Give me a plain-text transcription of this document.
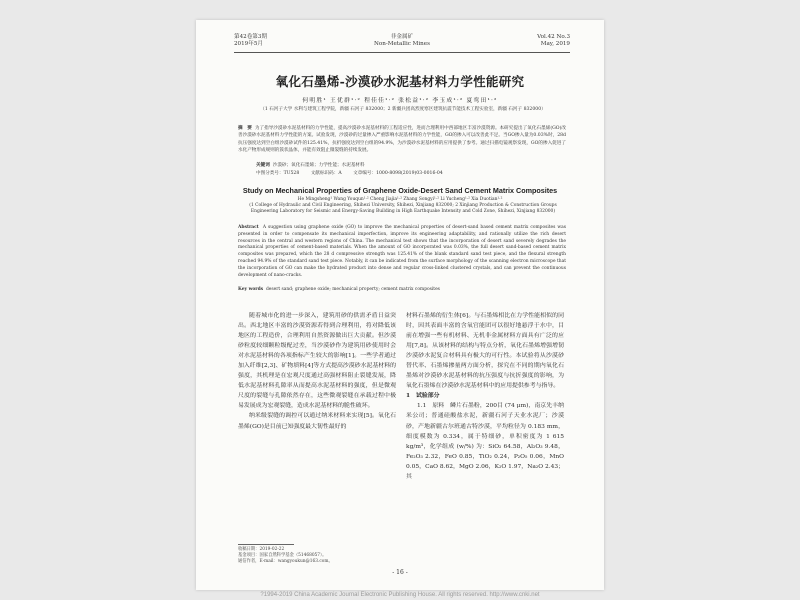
第42卷第3期
2019年5月
非金属矿
Non-Metallic Mines
Vol.42 No.3
May, 2019
氧化石墨烯-沙漠砂水泥基材料力学性能研究
何明胜¹ 王优群¹·² 程佳佳¹·² 张松益¹·² 李玉成¹·² 夏鸾田¹·²
（1 石河子大学 水利与建筑工程学院，新疆 石河子 832000；2 新疆兵团高烈度寒区建筑抗震节能技术工程实验室，新疆 石河子 832000）
摘　要 为了指导沙漠砂水泥基材料的力学性能，提高沙漠砂水泥基材料的工程适应性，进而合理利用中西部地区丰富沙漠资源。本研究提出了氧化石墨烯(GO)改善沙漠砂水泥基材料力学性能的方案。试验发现，沙漠砂的过量掺入严重影响水泥基材料的力学性能，GO的掺入可以改善此不足。当GO掺入量为0.03%时，28d抗压强度达到空白组沙漠砂试件的125.41%，抗折强度达到空白组的94.9%，为沙漠砂水泥基材料的应用提供了参考。通过扫描电镜观察发现，GO的掺入促进了水化产物形成规则的簇状晶体，并能有效阻止微裂缝的持续发展。
关键词 沙漠砂；氧化石墨烯；力学性能；水泥基材料
中图分类号：TU528 文献标识码：A 文章编号：1000-8098(2019)03-0016-04
Study on Mechanical Properties of Graphene Oxide-Desert Sand Cement Matrix Composites
He Mingsheng¹ Wang Youqun¹·² Cheng Jiajia¹·² Zhang Songyi¹·² Li Yucheng¹·² Xia Duotian¹·²
(1 College of Hydraulic and Civil Engineering, Shihezi University, Shihezi, Xinjiang 832000; 2 Xinjiang Production & Construction Groups Engineering Laboratory for Seismic and Energy-Saving Building in High Earthquake Intensity and Cold Zone, Shihezi, Xinjiang 832000)
Abstract A suggestion using graphene oxide (GO) to improve the mechanical properties of desert-sand based cement matrix composites was presented in order to compensate its mechanical imperfection, improve its engineering adaptability, and rationally utilize the rich desert resources in the central and western regions of China. The mechanical test shows that the incorporation of desert sand severely degrades the mechanical properties of cement-based materials. When the amount of GO incorporated was 0.03%, the full desert sand-based cement matrix composites was prepared, which the 28 d compressive strength was 125.41% of the blank standard sand test piece, and the flexural strength reached 94.9% of the standard sand test piece. Notably, it can be indicated from the surface morphology of the scanning electron microscope that the incorporation of GO can make the hydrated product into dense and regular cross-linked clustered crystals, and can prevent the continuous development of nano-cracks.
Key words desert sand; graphene oxide; mechanical property; cement matrix composites

随着城市化的进一步深入，建筑用砂的供需矛盾日益突出。西北地区丰富的沙漠资源若得到合理利用，将对降低该地区的工程造价，合理利用自然资源做出巨大贡献。但沙漠砂粒度较细颗粒级配过差，当沙漠砂作为建筑用砂使用时会对水泥基材料的各项指标产生较大的影响[1]。一些学者通过加入纤维[2,3]、矿物填料[4]等方式提高沙漠砂水泥基材料的强度，其机理是在宏观尺度通过高强材料阻止裂缝发展，降低水泥基材料孔隙率从而提高水泥基材料的强度，但是微观尺度的裂缝与孔隙依然存在，这些微观裂缝在承载过程中极易发展成为宏观裂缝，造成水泥基材料的脆性破坏。

纳米级裂缝的调控可以通过纳米材料来实现[5]。氧化石墨烯(GO)是目前已知强度最大韧性最好的

材料石墨烯的衍生体[6]。与石墨烯相比在力学性能相似的同时，因其表面丰富的含氧官能团可以很好地悬浮于水中，目前在增强一些有机材料、无机非金属材料方面具有广泛的应用[7,8]。从该材料的结构与特点分析，氧化石墨烯增强增韧沙漠砂水泥复合材料具有极大的可行性。本试验将从沙漠砂替代率、石墨烯掺量两方面分析，探究在不同的期内氧化石墨烯对沙漠砂水泥基材料的抗压强度与抗折强度的影响，为氧化石墨烯在沙漠砂水泥基材料中的应用提供参考与指导。

1　试验部分

1.1　原料　鳞片石墨粉，200目 (74 μm)，南京先丰纳米公司；普通硅酸盐水泥，新疆石河子天业水泥厂；沙漠砂，产地新疆古尔班通古特沙漠，平均粒径为 0.183 mm，细度模数为 0.334，属于特细砂，单积密度为 1 615 kg/m³，化学组成 (w/%) 为：SiO₂ 64.58，Al₂O₃ 9.48，Fe₂O₃ 2.32，FeO 0.85，TiO₂ 0.24，P₂O₅ 0.06，MnO 0.05，CaO 8.62，MgO 2.06，K₂O 1.97，Na₂O 2.43；其

收稿日期：2019-02-22
基金项目：国家自然科学基金（51468057）。
通信作者，E-mail：wangyoukun@163.com。
- 16 -
?1994-2019 China Academic Journal Electronic Publishing House. All rights reserved. http://www.cnki.net
